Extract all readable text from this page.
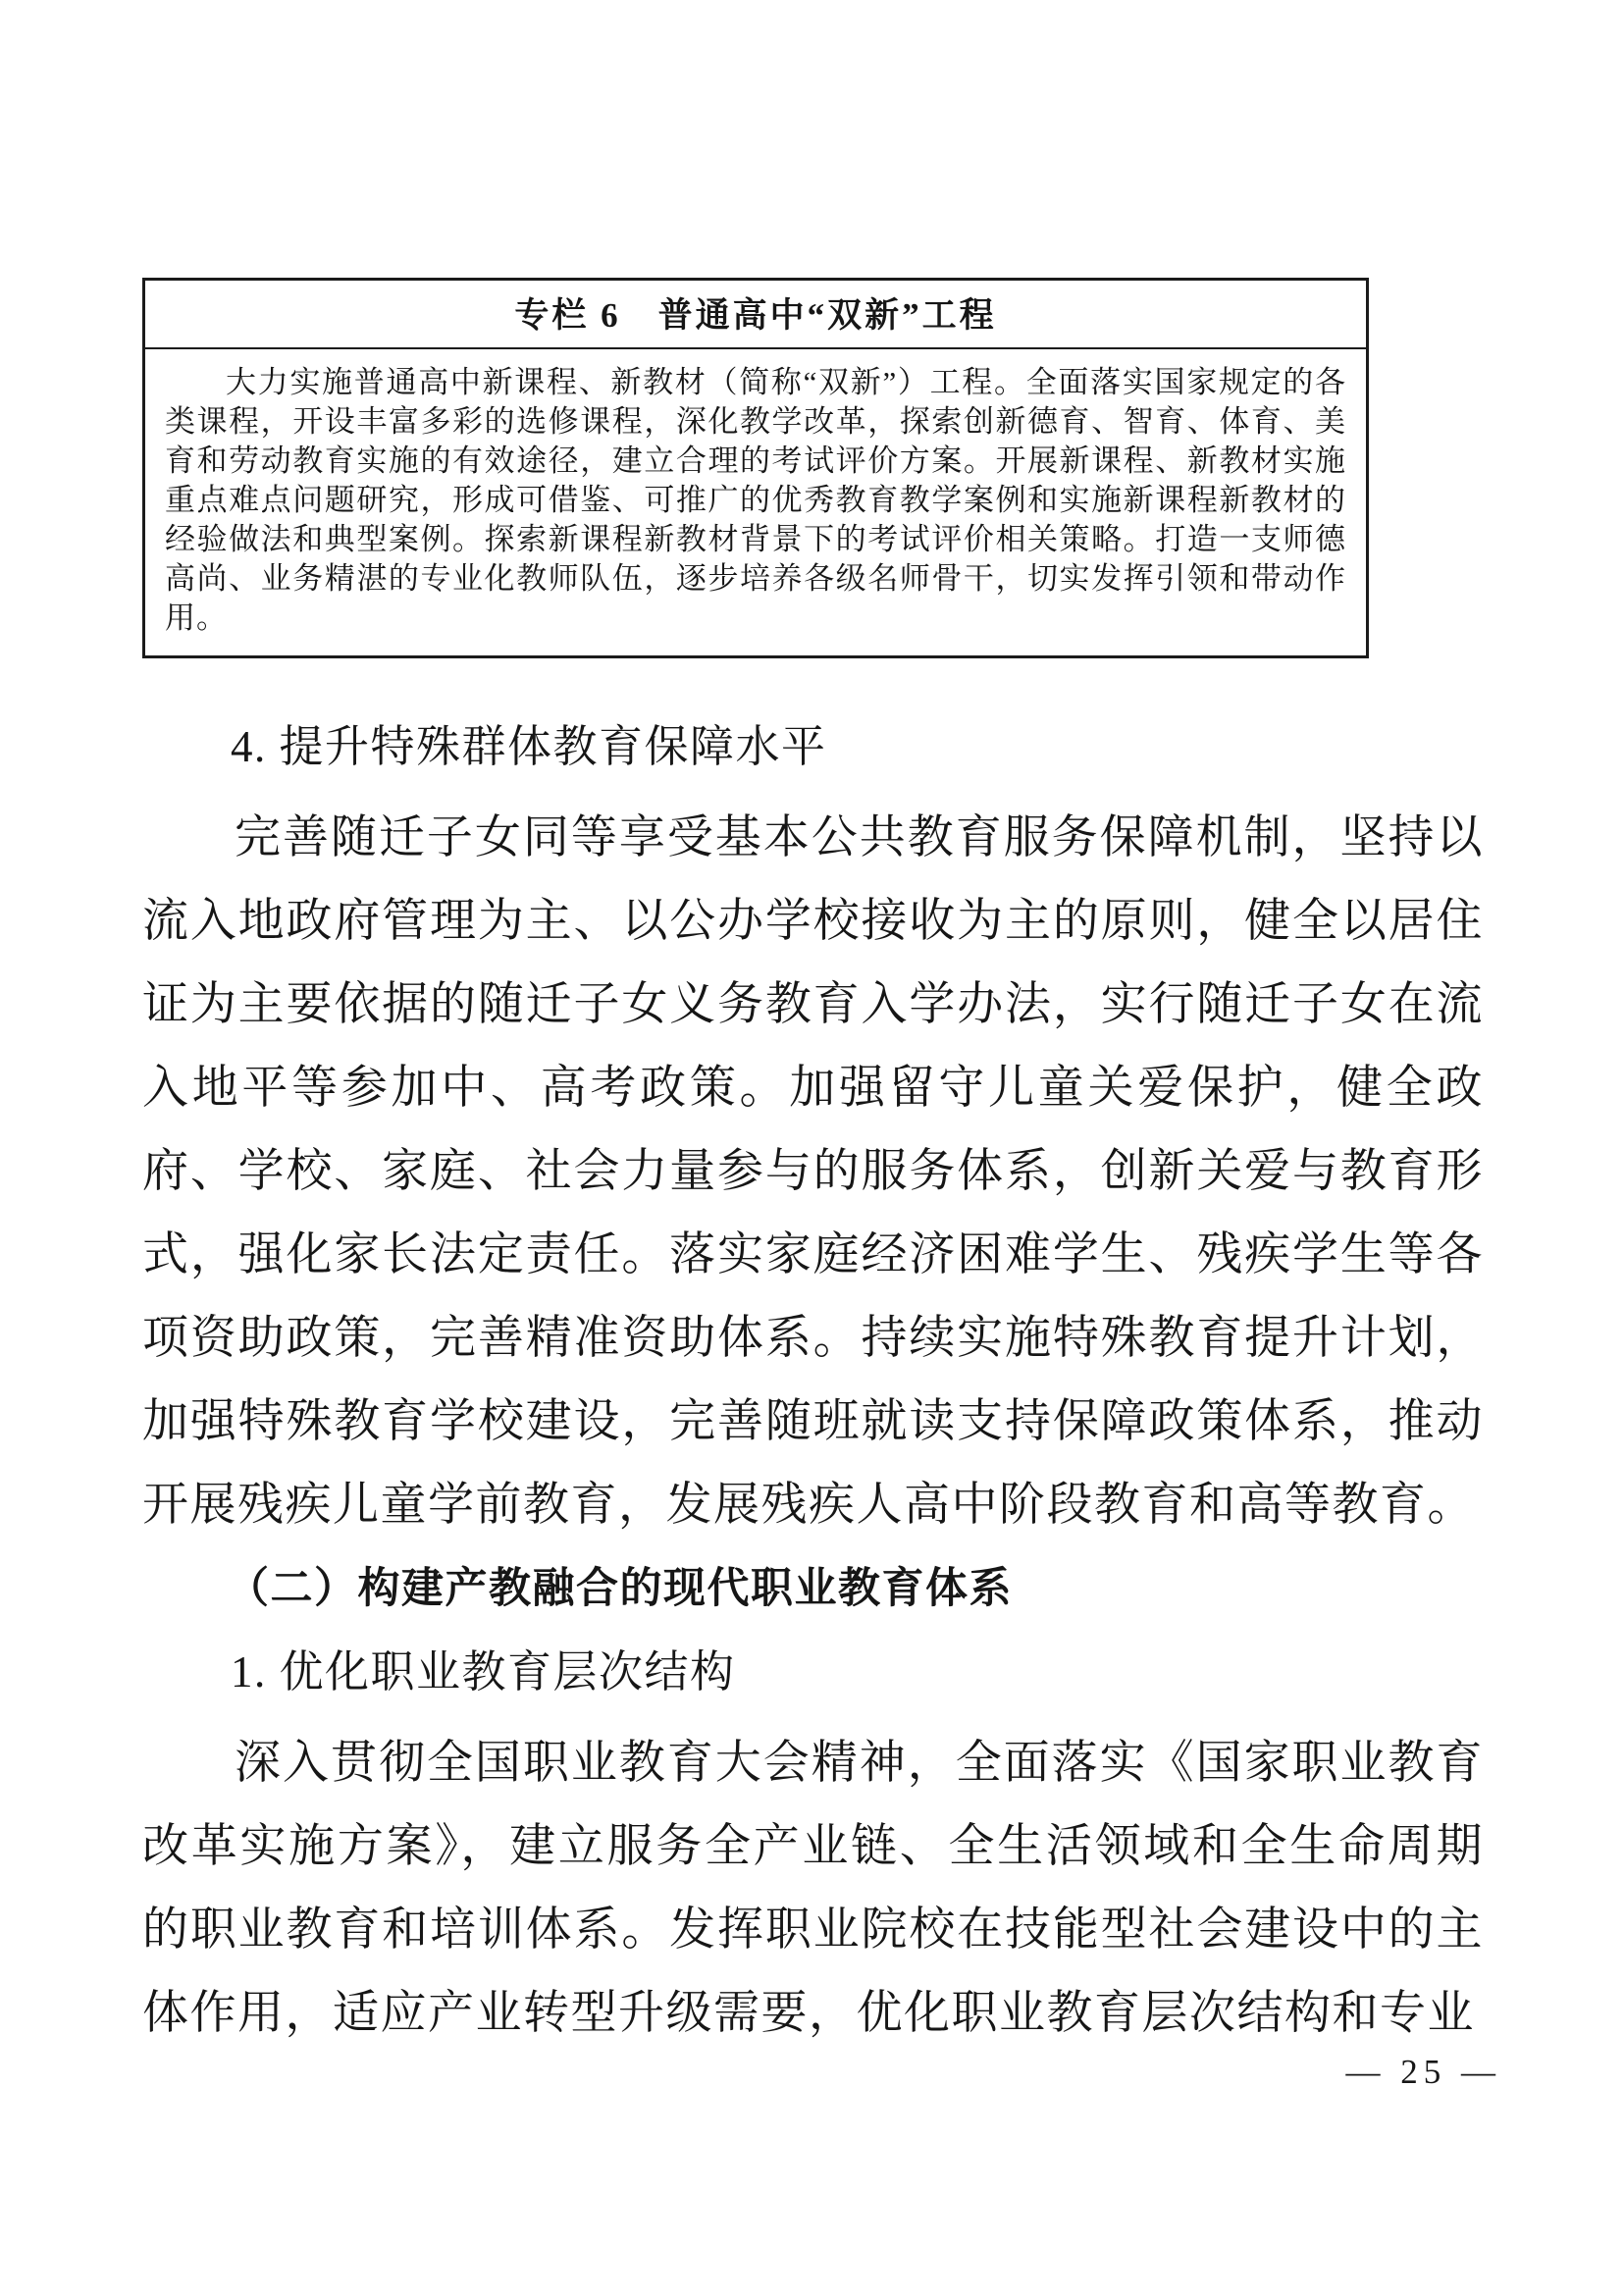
专栏 6　普通高中“双新”工程

大力实施普通高中新课程、新教材（简称“双新”）工程。全面落实国家规定的各类课程，开设丰富多彩的选修课程，深化教学改革，探索创新德育、智育、体育、美育和劳动教育实施的有效途径，建立合理的考试评价方案。开展新课程、新教材实施重点难点问题研究，形成可借鉴、可推广的优秀教育教学案例和实施新课程新教材的经验做法和典型案例。探索新课程新教材背景下的考试评价相关策略。打造一支师德高尚、业务精湛的专业化教师队伍，逐步培养各级名师骨干，切实发挥引领和带动作用。

4. 提升特殊群体教育保障水平

完善随迁子女同等享受基本公共教育服务保障机制，坚持以流入地政府管理为主、以公办学校接收为主的原则，健全以居住证为主要依据的随迁子女义务教育入学办法，实行随迁子女在流入地平等参加中、高考政策。加强留守儿童关爱保护，健全政府、学校、家庭、社会力量参与的服务体系，创新关爱与教育形式，强化家长法定责任。落实家庭经济困难学生、残疾学生等各项资助政策，完善精准资助体系。持续实施特殊教育提升计划，加强特殊教育学校建设，完善随班就读支持保障政策体系，推动开展残疾儿童学前教育，发展残疾人高中阶段教育和高等教育。

（二）构建产教融合的现代职业教育体系
1. 优化职业教育层次结构

深入贯彻全国职业教育大会精神，全面落实《国家职业教育改革实施方案》，建立服务全产业链、全生活领域和全生命周期的职业教育和培训体系。发挥职业院校在技能型社会建设中的主体作用，适应产业转型升级需要，优化职业教育层次结构和专业

— 25 —
